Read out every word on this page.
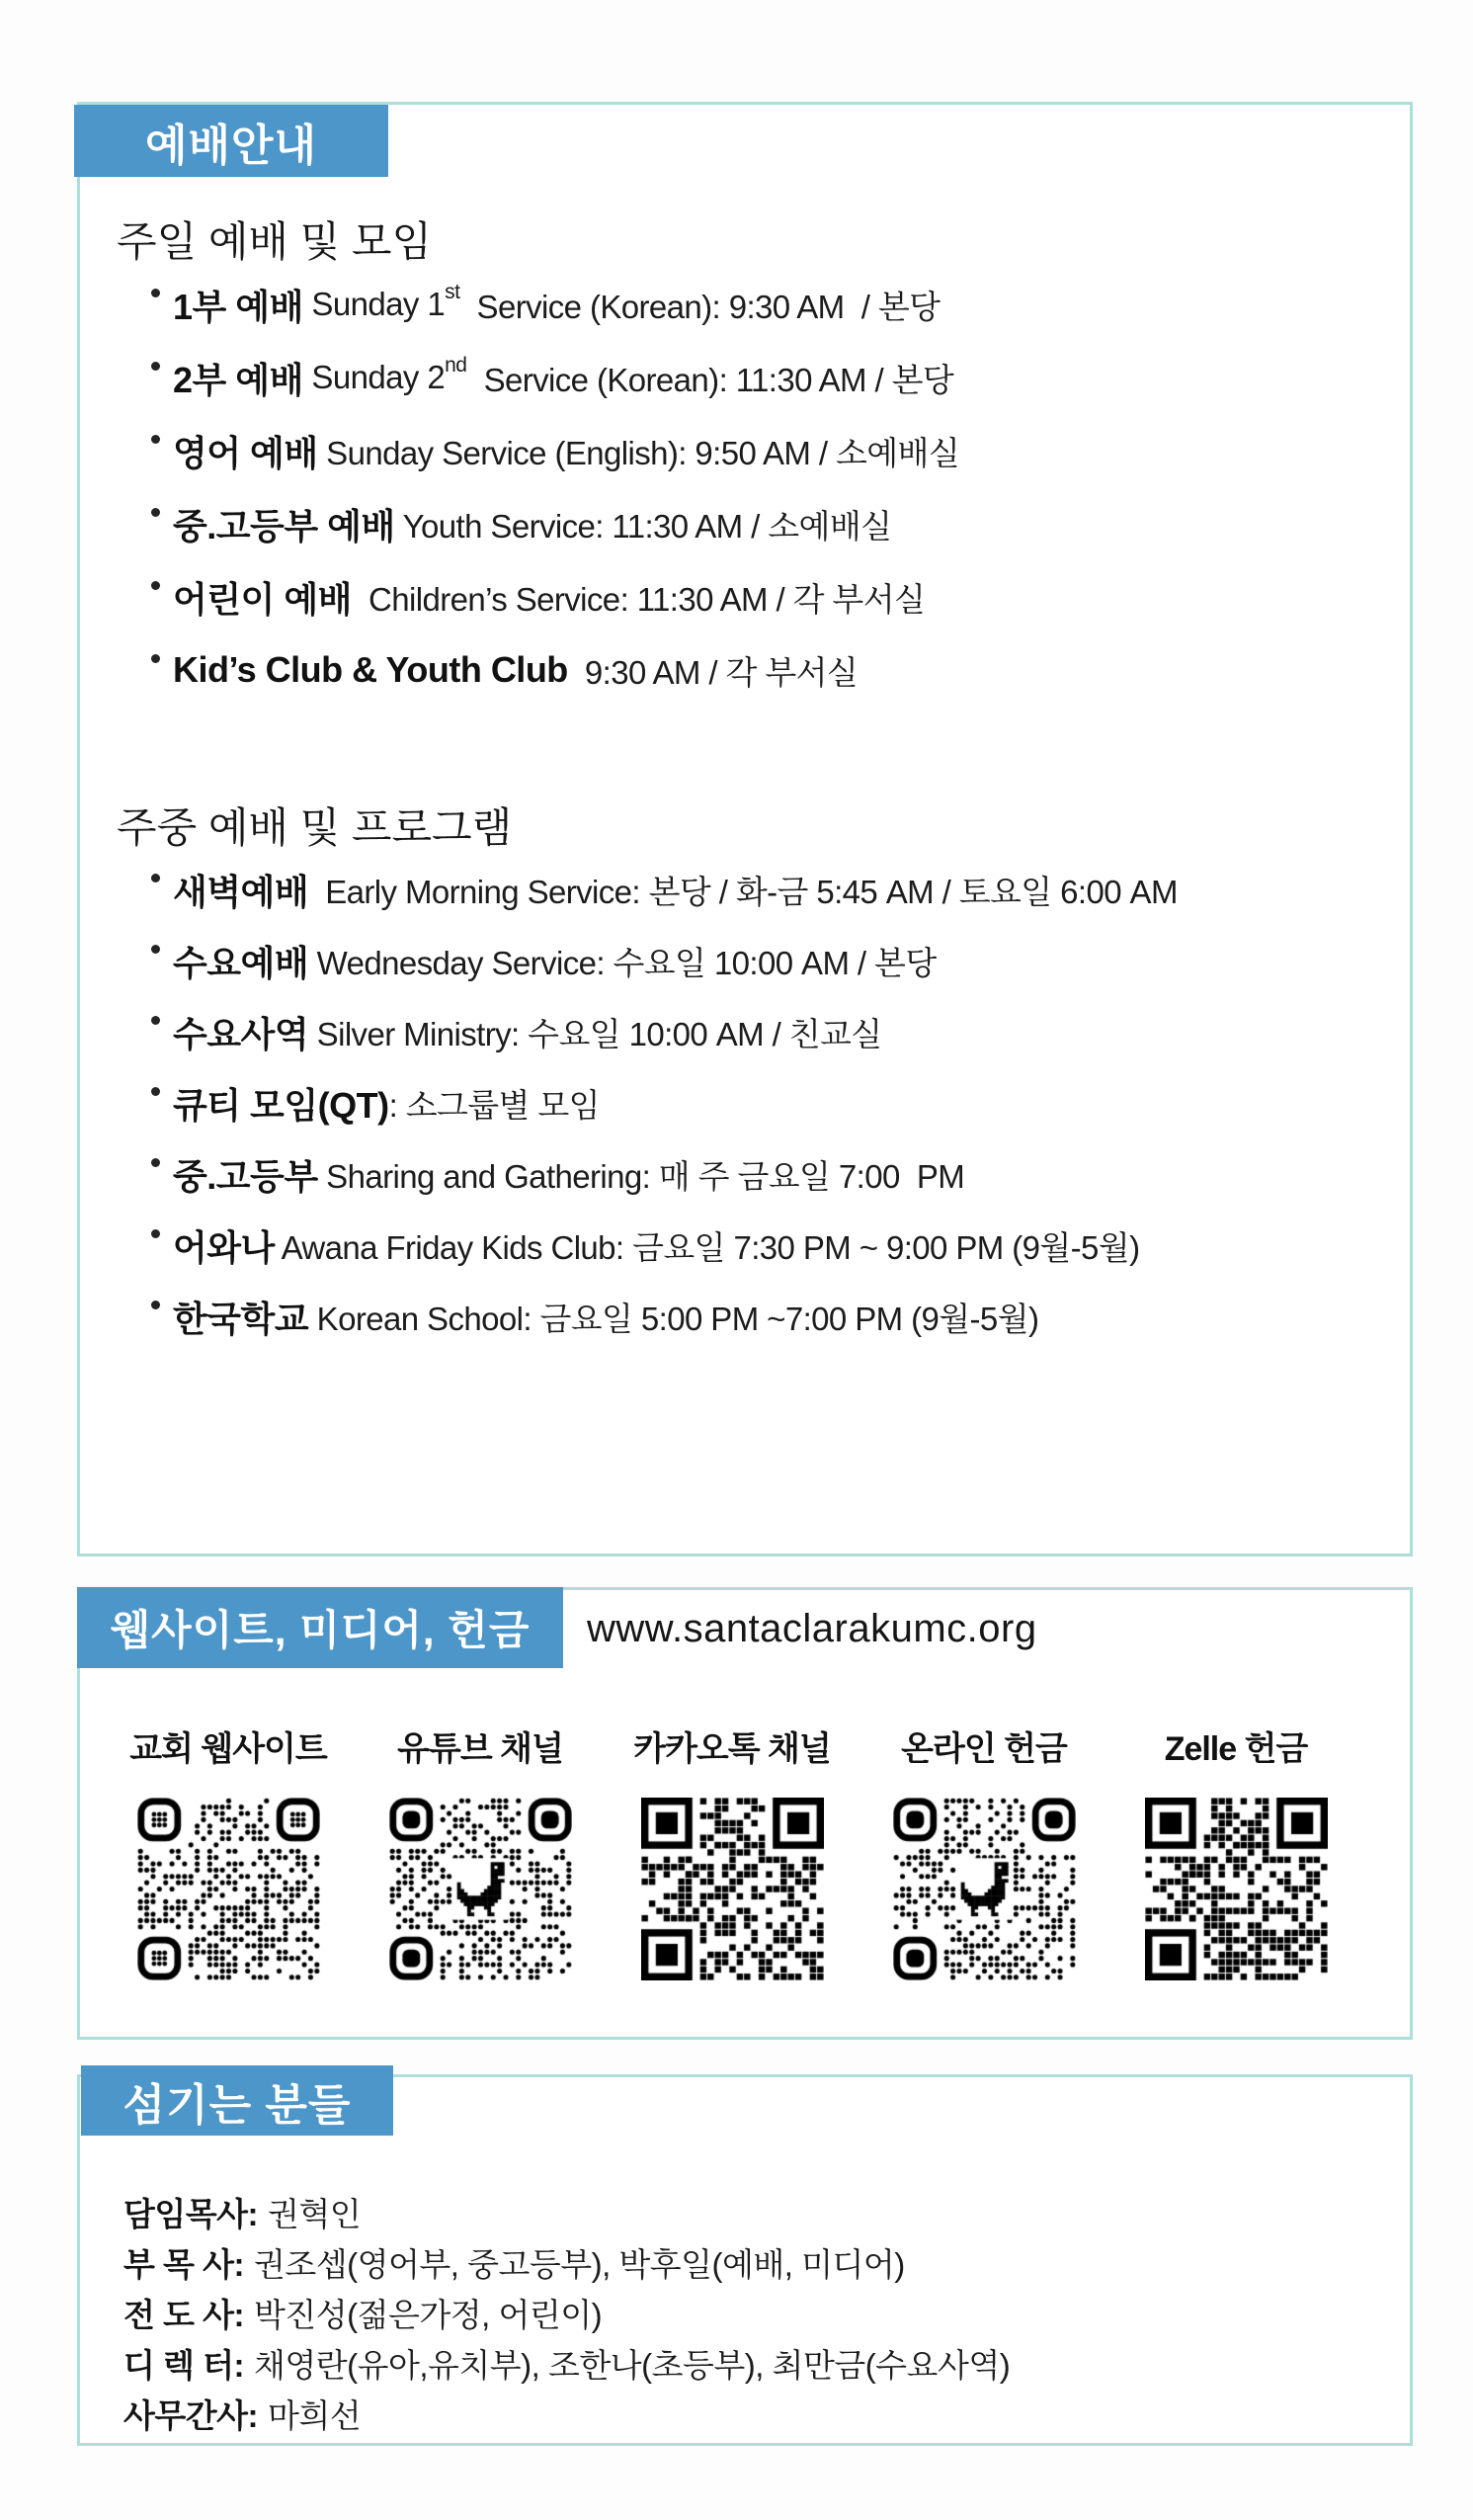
예배안내
주일 예배 및 모임
1부 예배 Sunday 1st Service (Korean): 9:30 AM  / 본당
2부 예배 Sunday 2nd Service (Korean): 11:30 AM / 본당
영어 예배 Sunday Service (English): 9:50 AM / 소예배실
중.고등부 예배 Youth Service: 11:30 AM / 소예배실
어린이 예배 Children’s Service: 11:30 AM / 각 부서실
Kid’s Club & Youth Club 9:30 AM / 각 부서실
주중 예배 및 프로그램
새벽예배 Early Morning Service: 본당 / 화-금 5:45 AM / 토요일 6:00 AM
수요예배 Wednesday Service: 수요일 10:00 AM / 본당
수요사역 Silver Ministry: 수요일 10:00 AM / 친교실
큐티 모임(QT) : 소그룹별 모임
중.고등부 Sharing and Gathering: 매 주 금요일 7:00  PM
어와나 Awana Friday Kids Club: 금요일 7:30 PM ~ 9:00 PM (9월-5월)
한국학교 Korean School: 금요일 5:00 PM ~7:00 PM (9월-5월)
웹사이트, 미디어, 헌금 www.santaclarakumc.org
교회 웹사이트	유튜브 채널	카카오톡 채널	온라인 헌금	Zelle 헌금
섬기는 분들
담임목사: 권혁인
부 목 사: 권조셉(영어부, 중고등부), 박후일(예배, 미디어)
전 도 사: 박진성(젊은가정, 어린이)
디 렉 터: 채영란(유아,유치부), 조한나(초등부), 최만금(수요사역)
사무간사: 마희선
